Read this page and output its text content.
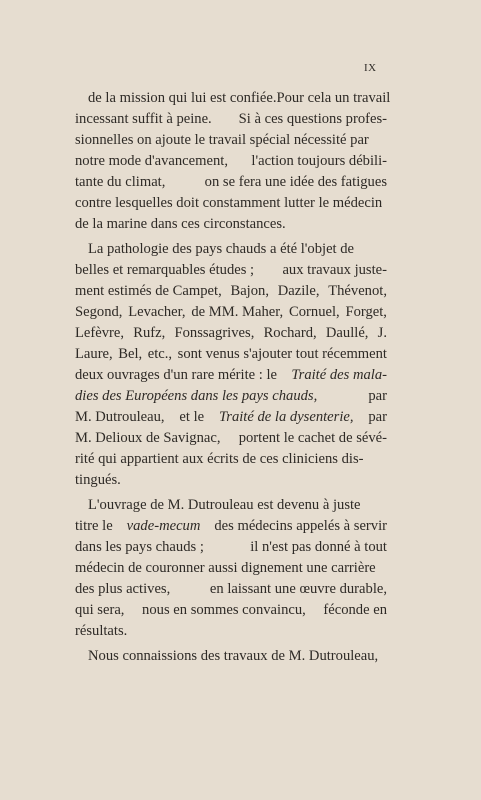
IX
de la mission qui lui est confiée. Pour cela un travail
incessant suffit à peine. Si à ces questions profes-
sionnelles on ajoute le travail spécial nécessité par
notre mode d'avancement, l'action toujours débili-
tante du climat,	on se fera une idée des fatigues
contre lesquelles doit constamment lutter le médecin
de la marine dans ces circonstances.
La pathologie des pays chauds a été l'objet de
belles et remarquables études ; aux travaux juste-
ment estimés de Campet, Bajon, Dazile, Thévenot,
Segond, Levacher, de MM. Maher, Cornuel, Forget,
Lefèvre, Rufz, Fonssagrives, Rochard, Daullé, J.
Laure, Bel, etc., sont venus s'ajouter tout récemment
deux ouvrages d'un rare mérite : le Traité des mala-
dies des Européens dans les pays chauds,	par
M. Dutrouleau, et le Traité de la dysenterie, par
M. Delioux de Savignac, portent le cachet de sévé-
rité qui appartient aux écrits de ces cliniciens dis-
tingués.
L'ouvrage de M. Dutrouleau est devenu à juste
titre le vade-mecum des médecins appelés à servir
dans les pays chauds ;	il n'est pas donné à tout
médecin de couronner aussi dignement une carrière
des plus actives,	en laissant une œuvre durable,
qui sera, nous en sommes convaincu, féconde en
résultats.
Nous connaissions des travaux de M. Dutrouleau,
